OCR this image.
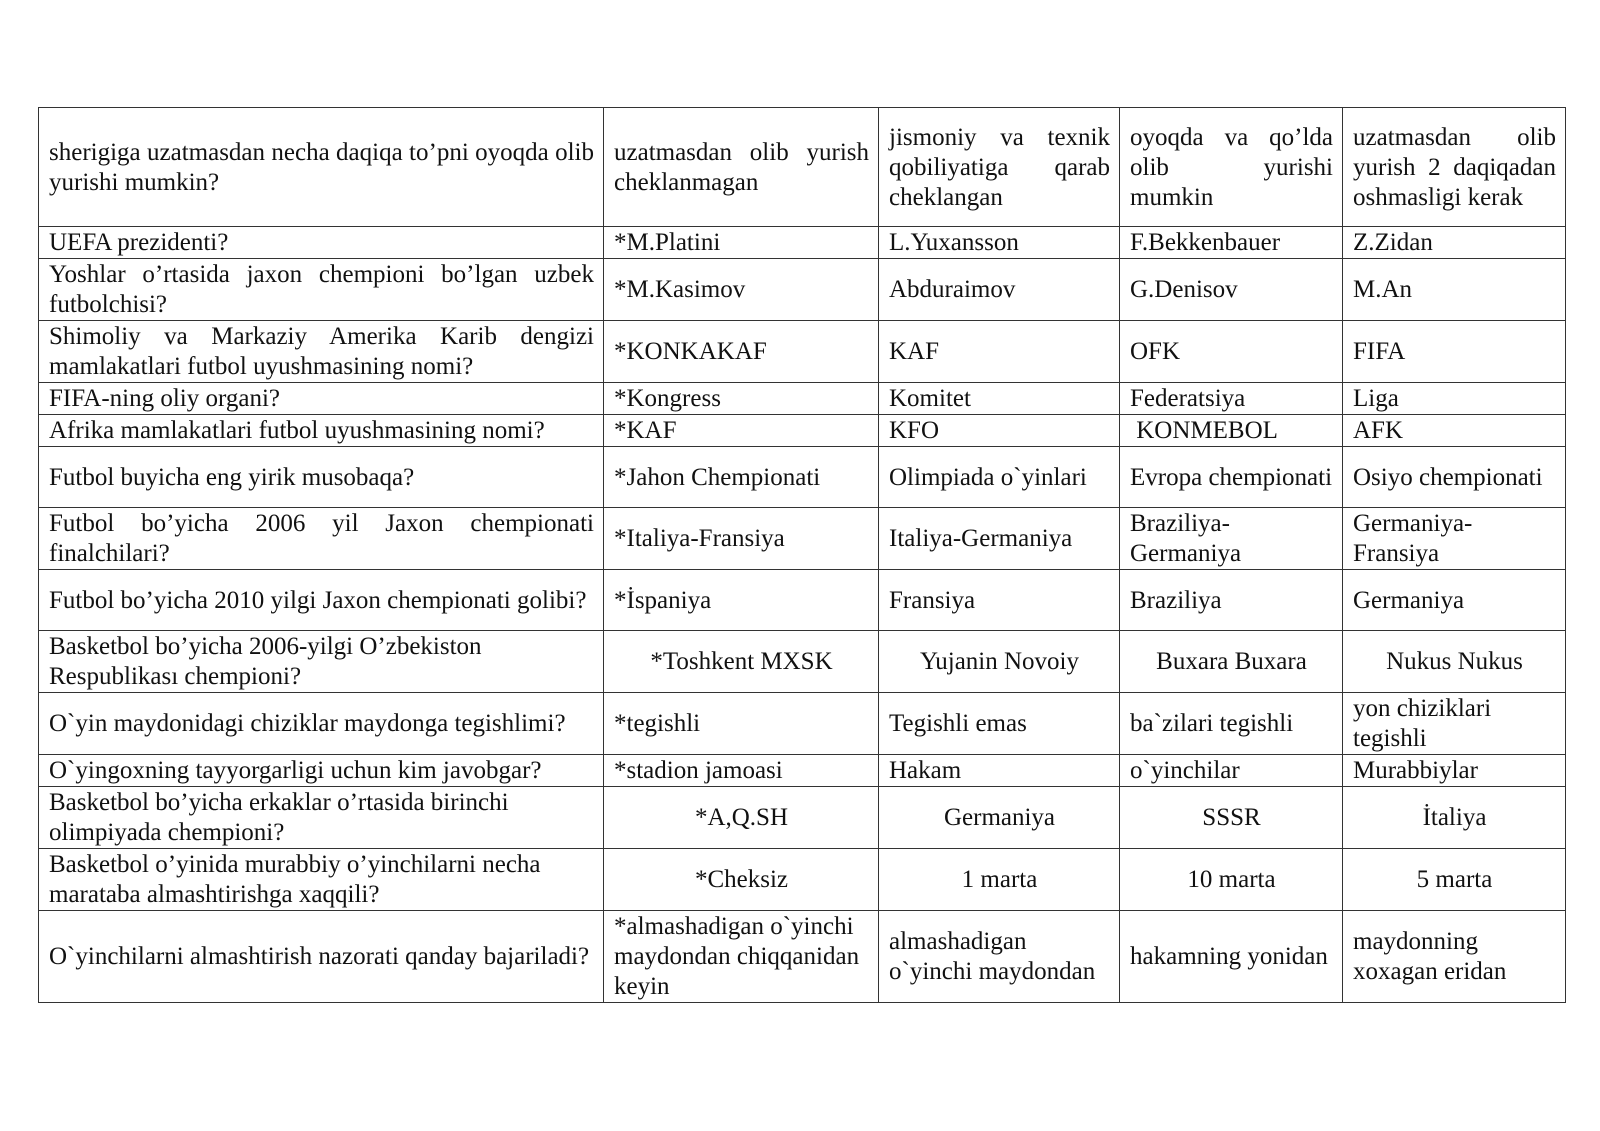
sherigiga uzatmasdan necha daqiqa to’pni oyoqda olib yurishi mumkin?	uzatmasdan olib yurish cheklanmagan	jismoniy va texnik qobiliyatiga qarab cheklangan	oyoqda va qo’lda olib yurishi mumkin	uzatmasdan olib yurish 2 daqiqadan oshmasligi kerak
UEFA prezidenti?	*M.Platini	L.Yuxansson	F.Bekkenbauer	Z.Zidan
Yoshlar o’rtasida jaxon chempioni bo’lgan uzbek futbolchisi?	*M.Kasimov	Abduraimov	G.Denisov	M.An
Shimoliy va Markaziy Amerika Karib dengizi mamlakatlari futbol uyushmasining nomi?	*KONKAKAF	KAF	OFK	FIFA
FIFA-ning oliy organi?	*Kongress	Komitet	Federatsiya	Liga
Afrika mamlakatlari futbol uyushmasining nomi?	*KAF	KFO	KONMEBOL	AFK
Futbol buyicha eng yirik musobaqa?	*Jahon Chempionati	Olimpiada o`yinlari	Evropa chempionati	Osiyo chempionati
Futbol bo’yicha 2006 yil Jaxon chempionati finalchilari?	*Italiya-Fransiya	Italiya-Germaniya	Braziliya-Germaniya	Germaniya-Fransiya
Futbol bo’yicha 2010 yilgi Jaxon chempionati golibi?	*İspaniya	Fransiya	Braziliya	Germaniya
Basketbol bo’yicha 2006-yilgi O’zbekiston Respublikası chempioni?	*Toshkent MXSK	Yujanin Novoiy	Buxara Buxara	Nukus Nukus
O`yin maydonidagi chiziklar maydonga tegishlimi?	*tegishli	Tegishli emas	ba`zilari tegishli	yon chiziklari tegishli
O`yingoxning tayyorgarligi uchun kim javobgar?	*stadion jamoasi	Hakam	o`yinchilar	Murabbiylar
Basketbol bo’yicha erkaklar o’rtasida birinchi olimpiyada chempioni?	*A,Q.SH	Germaniya	SSSR	İtaliya
Basketbol o’yinida murabbiy o’yinchilarni necha marataba almashtirishga xaqqili?	*Cheksiz	1 marta	10 marta	5 marta
O`yinchilarni almashtirish nazorati qanday bajariladi?	*almashadigan o`yinchi maydondan chiqqanidan keyin	almashadigan o`yinchi maydondan	hakamning yonidan	maydonning xoxagan eridan
